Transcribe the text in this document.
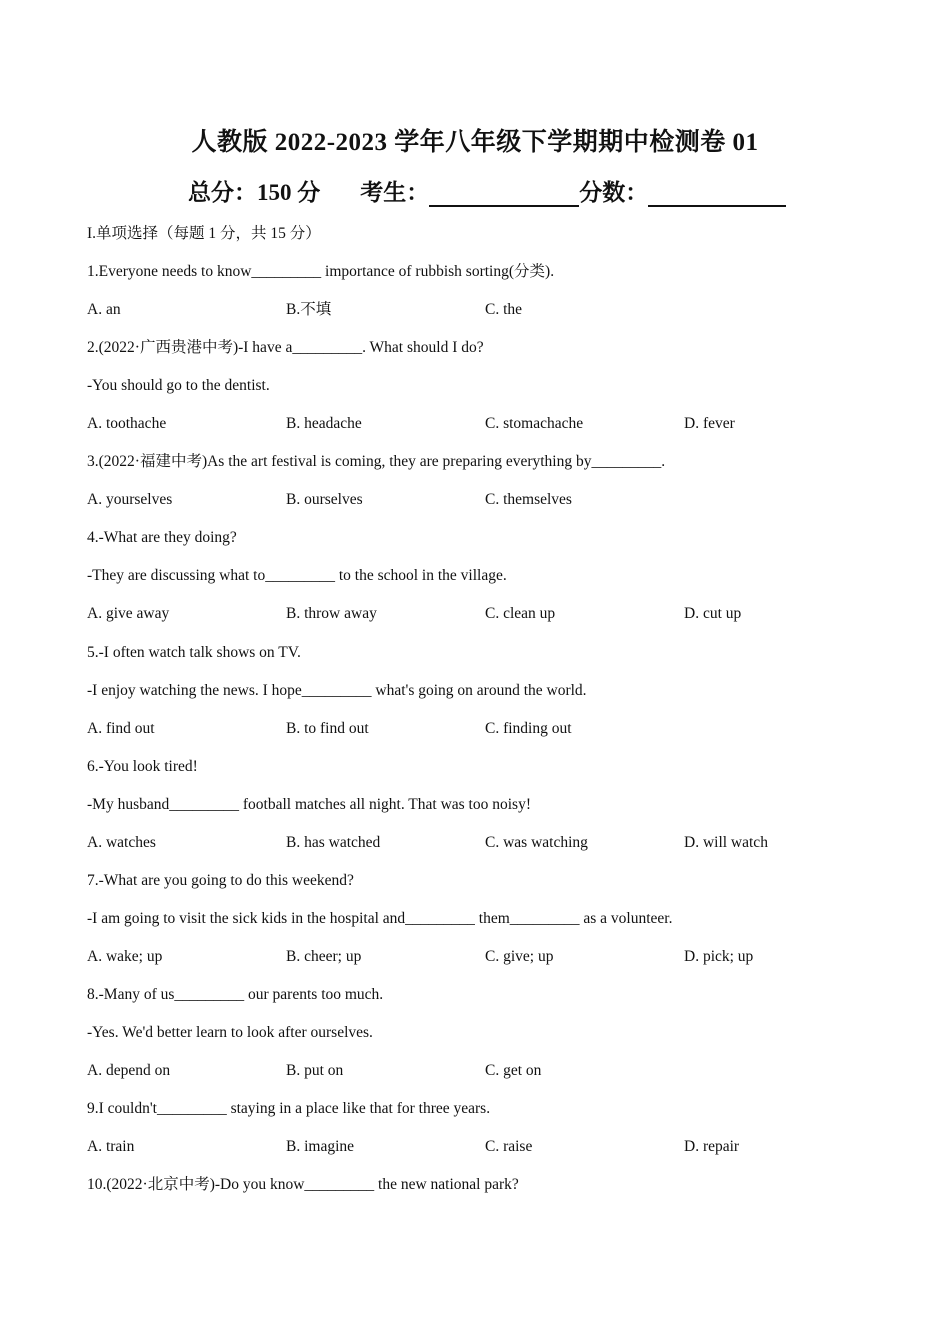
人教版 2022-2023 学年八年级下学期期中检测卷 01
总分：150 分 考生：	分数：
I.单项选择（每题 1 分，共 15 分）
1.Everyone needs to know_________ importance of rubbish sorting(分类).
A. an	B.不填	C. the
2.(2022·广西贵港中考)-I have a_________. What should I do?
-You should go to the dentist.
A. toothache	B. headache	C. stomachache	D. fever
3.(2022·福建中考)As the art festival is coming, they are preparing everything by_________.
A. yourselves	B. ourselves	C. themselves
4.-What are they doing?
-They are discussing what to_________ to the school in the village.
A. give away	B. throw away	C. clean up	D. cut up
5.-I often watch talk shows on TV.
-I enjoy watching the news. I hope_________ what's going on around the world.
A. find out	B. to find out	C. finding out
6.-You look tired!
-My husband_________ football matches all night. That was too noisy!
A. watches	B. has watched	C. was watching	D. will watch
7.-What are you going to do this weekend?
-I am going to visit the sick kids in the hospital and_________ them_________ as a volunteer.
A. wake; up	B. cheer; up	C. give; up	D. pick; up
8.-Many of us_________ our parents too much.
-Yes. We'd better learn to look after ourselves.
A. depend on	B. put on	C. get on
9.I couldn't_________ staying in a place like that for three years.
A. train	B. imagine	C. raise	D. repair
10.(2022·北京中考)-Do you know_________ the new national park?
